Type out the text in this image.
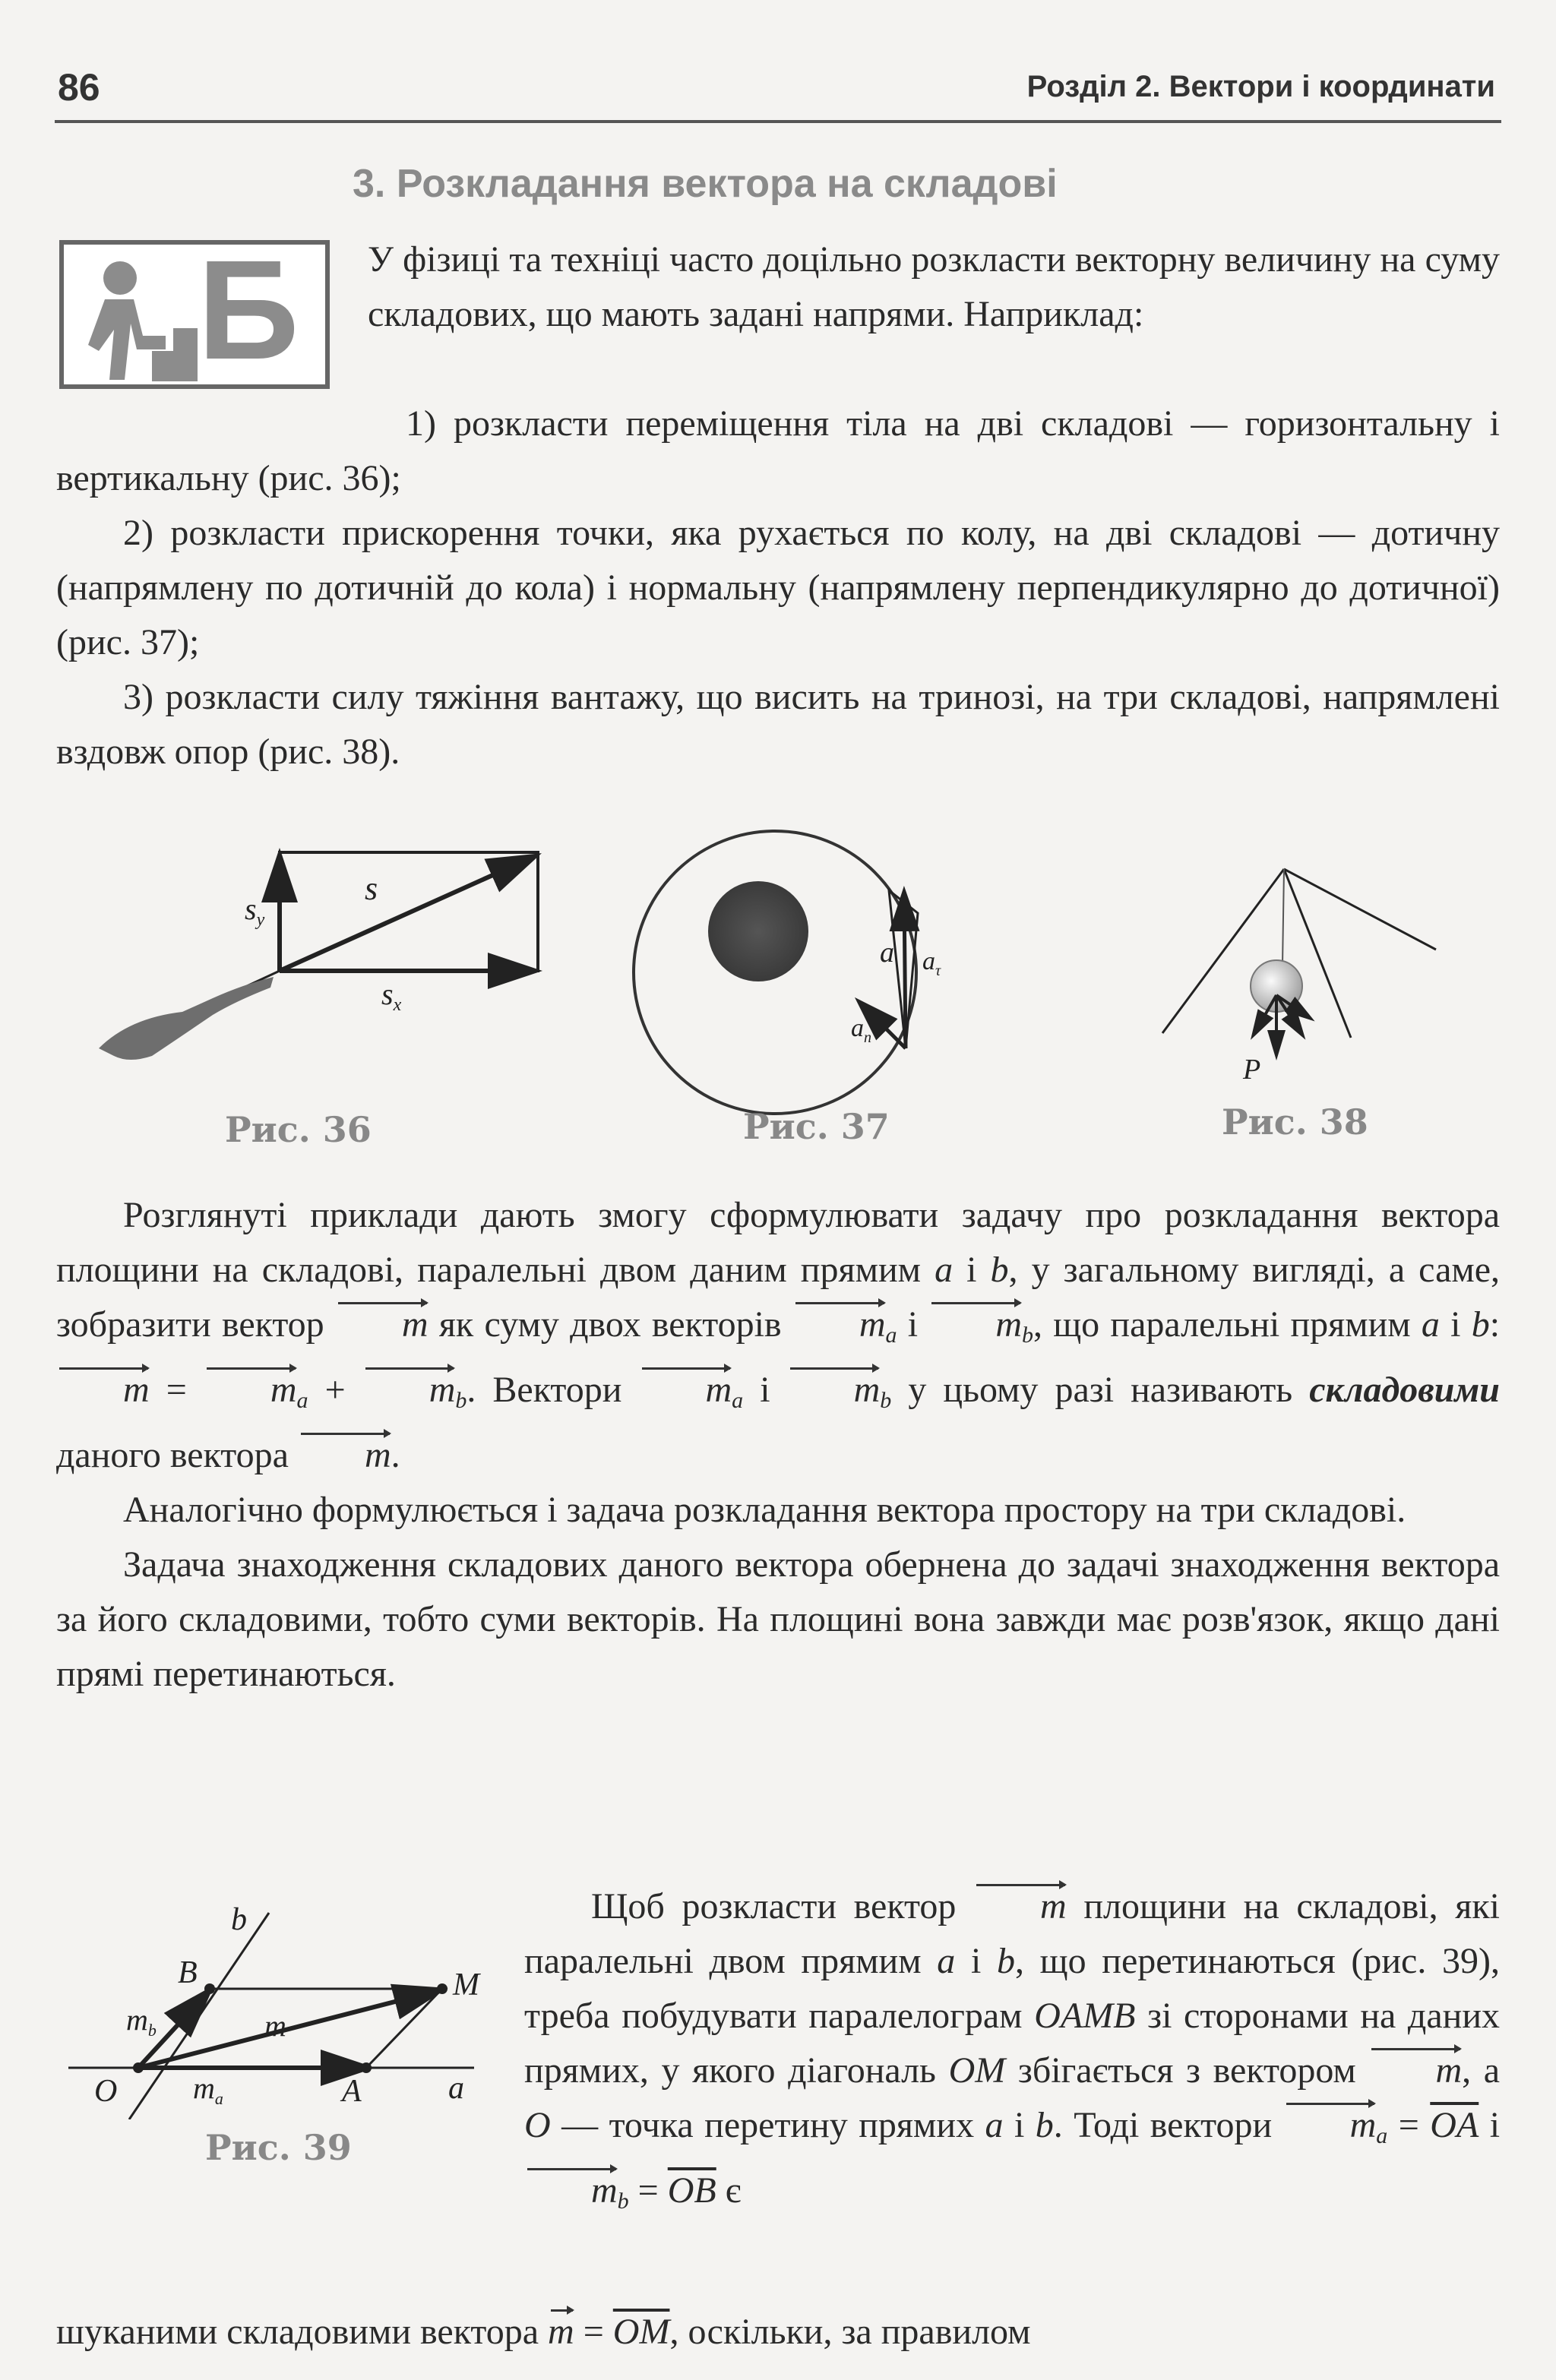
86	Розділ 2. Вектори і координати
3. Розкладання вектора на складові
Б У фізиці та техніці часто доцільно розкласти векторну величину на суму складових, що мають задані напрями. Наприклад:

1) розкласти переміщення тіла на дві складові — горизонтальну і вертикальну (рис. 36);

2) розкласти прискорення точки, яка рухається по колу, на дві складові — дотичну (напрямлену по дотичній до кола) і нормальну (напрямлену перпендикулярно до дотичної) (рис. 37);

3) розкласти силу тяжіння вантажу, що висить на тринозі, на три складові, напрямлені вздовж опор (рис. 38).

$s_y$
s
$s_x$
Рис. 36
a $a_\tau$
$a_n$
Рис. 37
P
Рис. 38

Розглянуті приклади дають змогу сформулювати задачу про розкладання вектора площини на складові, паралельні двом даним прямим a і b, у загальному вигляді, а саме, зобразити вектор m як суму двох векторів $m_a$ і $m_b$, що паралельні прямим a і b: $m = m_a + m_b$. Вектори $m_a$ і $m_b$ у цьому разі називають складовими даного вектора m.

Аналогічно формулюється і задача розкладання вектора простору на три складові.

Задача знаходження складових даного вектора обернена до задачі знаходження вектора за його складовими, тобто суми векторів. На площині вона завжди має розв'язок, якщо дані прямі перетинаються.

b
B	M
$m_b$	m
O $m_a$	A	a
Рис. 39

Щоб розкласти вектор m площини на складові, які паралельні двом прямим a і b, що перетинаються (рис. 39), треба побудувати паралелограм OAMB зі сторонами на даних прямих, у якого діагональ OM збігається з вектором m, а O — точка перетину прямих a і b. Тоді вектори $m_a = \overline{OA}$ і $m_b = \overline{OB}$ є

шуканими складовими вектора $m = \overline{OM}$, оскільки, за правилом
